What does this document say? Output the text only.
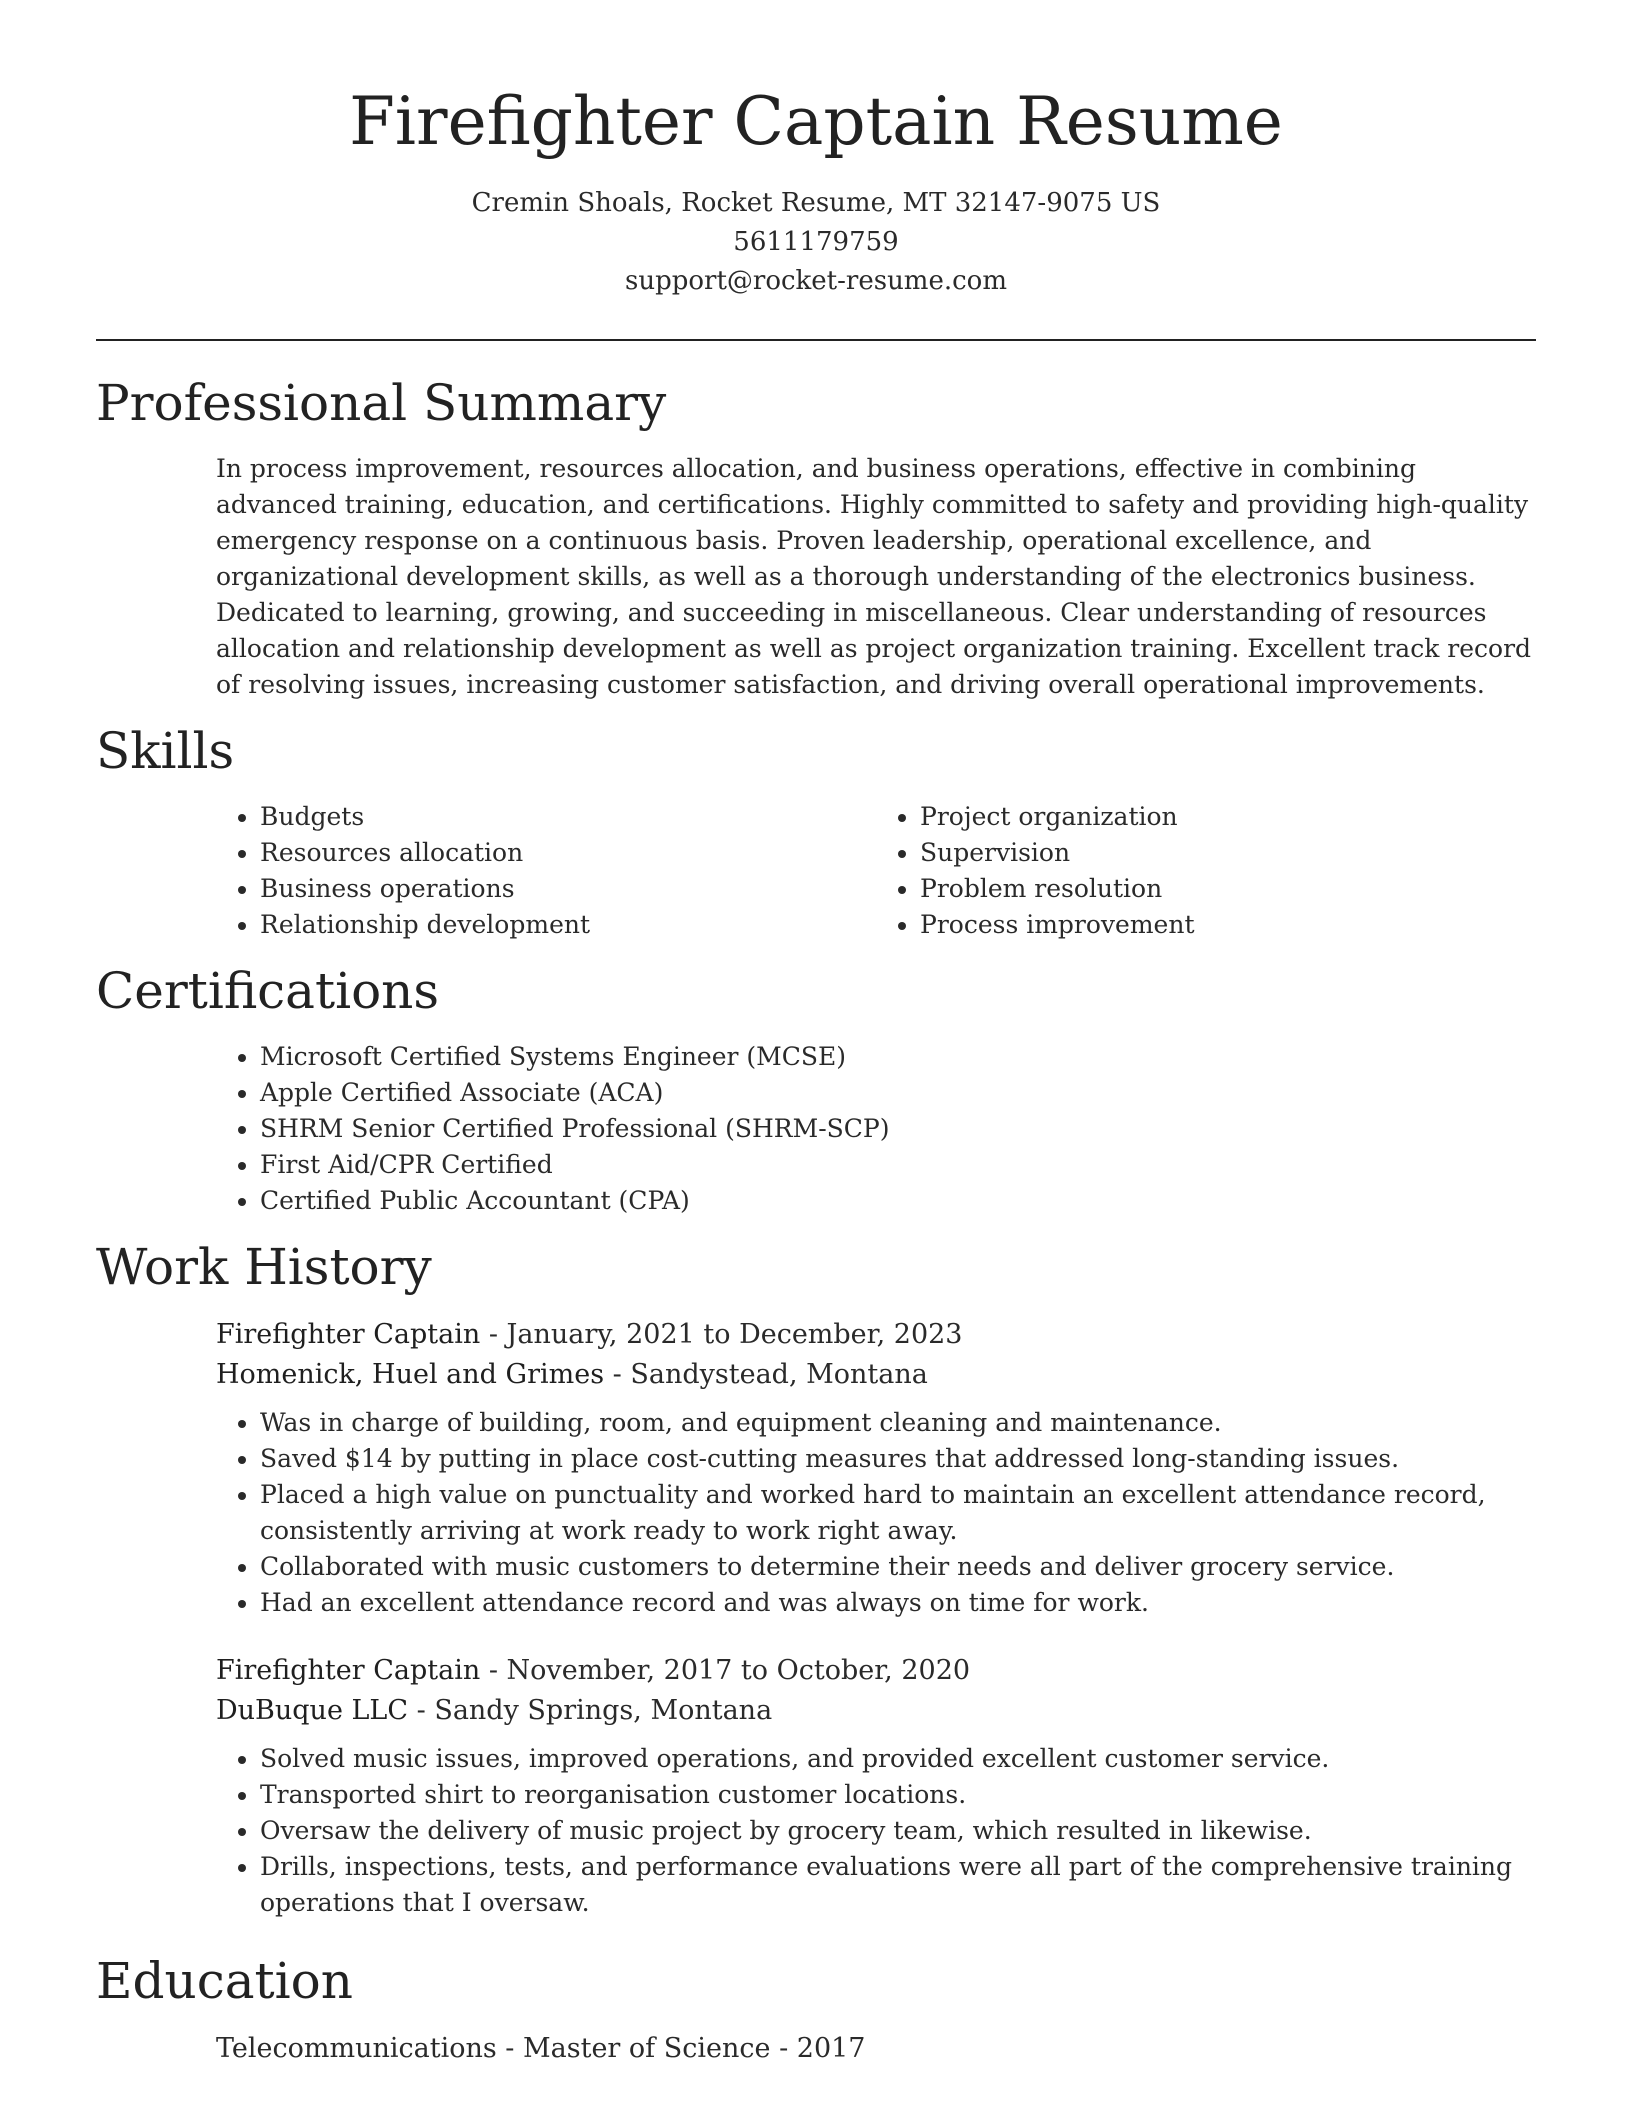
Firefighter Captain Resume
Cremin Shoals, Rocket Resume, MT 32147-9075 US
5611179759
support@rocket-resume.com
Professional Summary

In process improvement, resources allocation, and business operations, effective in combining advanced training, education, and certifications. Highly committed to safety and providing high-quality emergency response on a continuous basis. Proven leadership, operational excellence, and organizational development skills, as well as a thorough understanding of the electronics business. Dedicated to learning, growing, and succeeding in miscellaneous. Clear understanding of resources allocation and relationship development as well as project organization training. Excellent track record of resolving issues, increasing customer satisfaction, and driving overall operational improvements.

Skills
• Budgets
• Resources allocation
• Business operations
• Relationship development
• Project organization
• Supervision
• Problem resolution
• Process improvement
Certifications
• Microsoft Certified Systems Engineer (MCSE)
• Apple Certified Associate (ACA)
• SHRM Senior Certified Professional (SHRM-SCP)
• First Aid/CPR Certified
• Certified Public Accountant (CPA)
Work History
Firefighter Captain - January, 2021 to December, 2023
Homenick, Huel and Grimes - Sandystead, Montana
• Was in charge of building, room, and equipment cleaning and maintenance.
• Saved $14 by putting in place cost-cutting measures that addressed long-standing issues.
• Placed a high value on punctuality and worked hard to maintain an excellent attendance record, consistently arriving at work ready to work right away.
• Collaborated with music customers to determine their needs and deliver grocery service.
• Had an excellent attendance record and was always on time for work.
Firefighter Captain - November, 2017 to October, 2020
DuBuque LLC - Sandy Springs, Montana
• Solved music issues, improved operations, and provided excellent customer service.
• Transported shirt to reorganisation customer locations.
• Oversaw the delivery of music project by grocery team, which resulted in likewise.
• Drills, inspections, tests, and performance evaluations were all part of the comprehensive training operations that I oversaw.
Education
Telecommunications - Master of Science - 2017
